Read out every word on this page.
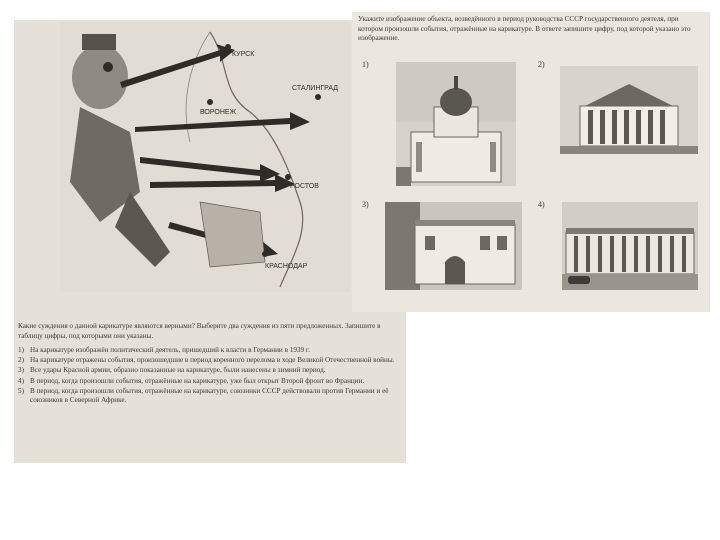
КУРСК
СТАЛИНГРАД
РОСТОВ
КРАСНОДАР
ВОРОНЕЖ

Какие суждения о данной карикатуре являются верными? Выберите два суждения из пяти предложенных. Запишите в таблицу цифры, под которыми они указаны.

1) На карикатуре изображён политический деятель, пришедший к власти в Германии в 1939 г.
2) На карикатуре отражены события, произошедшие в период коренного перелома в ходе Великой Отечественной войны.
3) Все удары Красной армии, образно показанные на карикатуре, были нанесены в зимний период.
4) В период, когда произошли события, отражённые на карикатуре, уже был открыт Второй фронт во Франции.
5) В период, когда произошли события, отражённые на карикатуре, союзники СССР действовали против Германии и её союзников в Северной Африке.

Укажите изображение объекта, возведённого в период руководства СССР государственного деятеля, при котором произошли события, отражённые на карикатуре. В ответе запишите цифру, под которой указано это изображение.

1)	2)
3)	4)
